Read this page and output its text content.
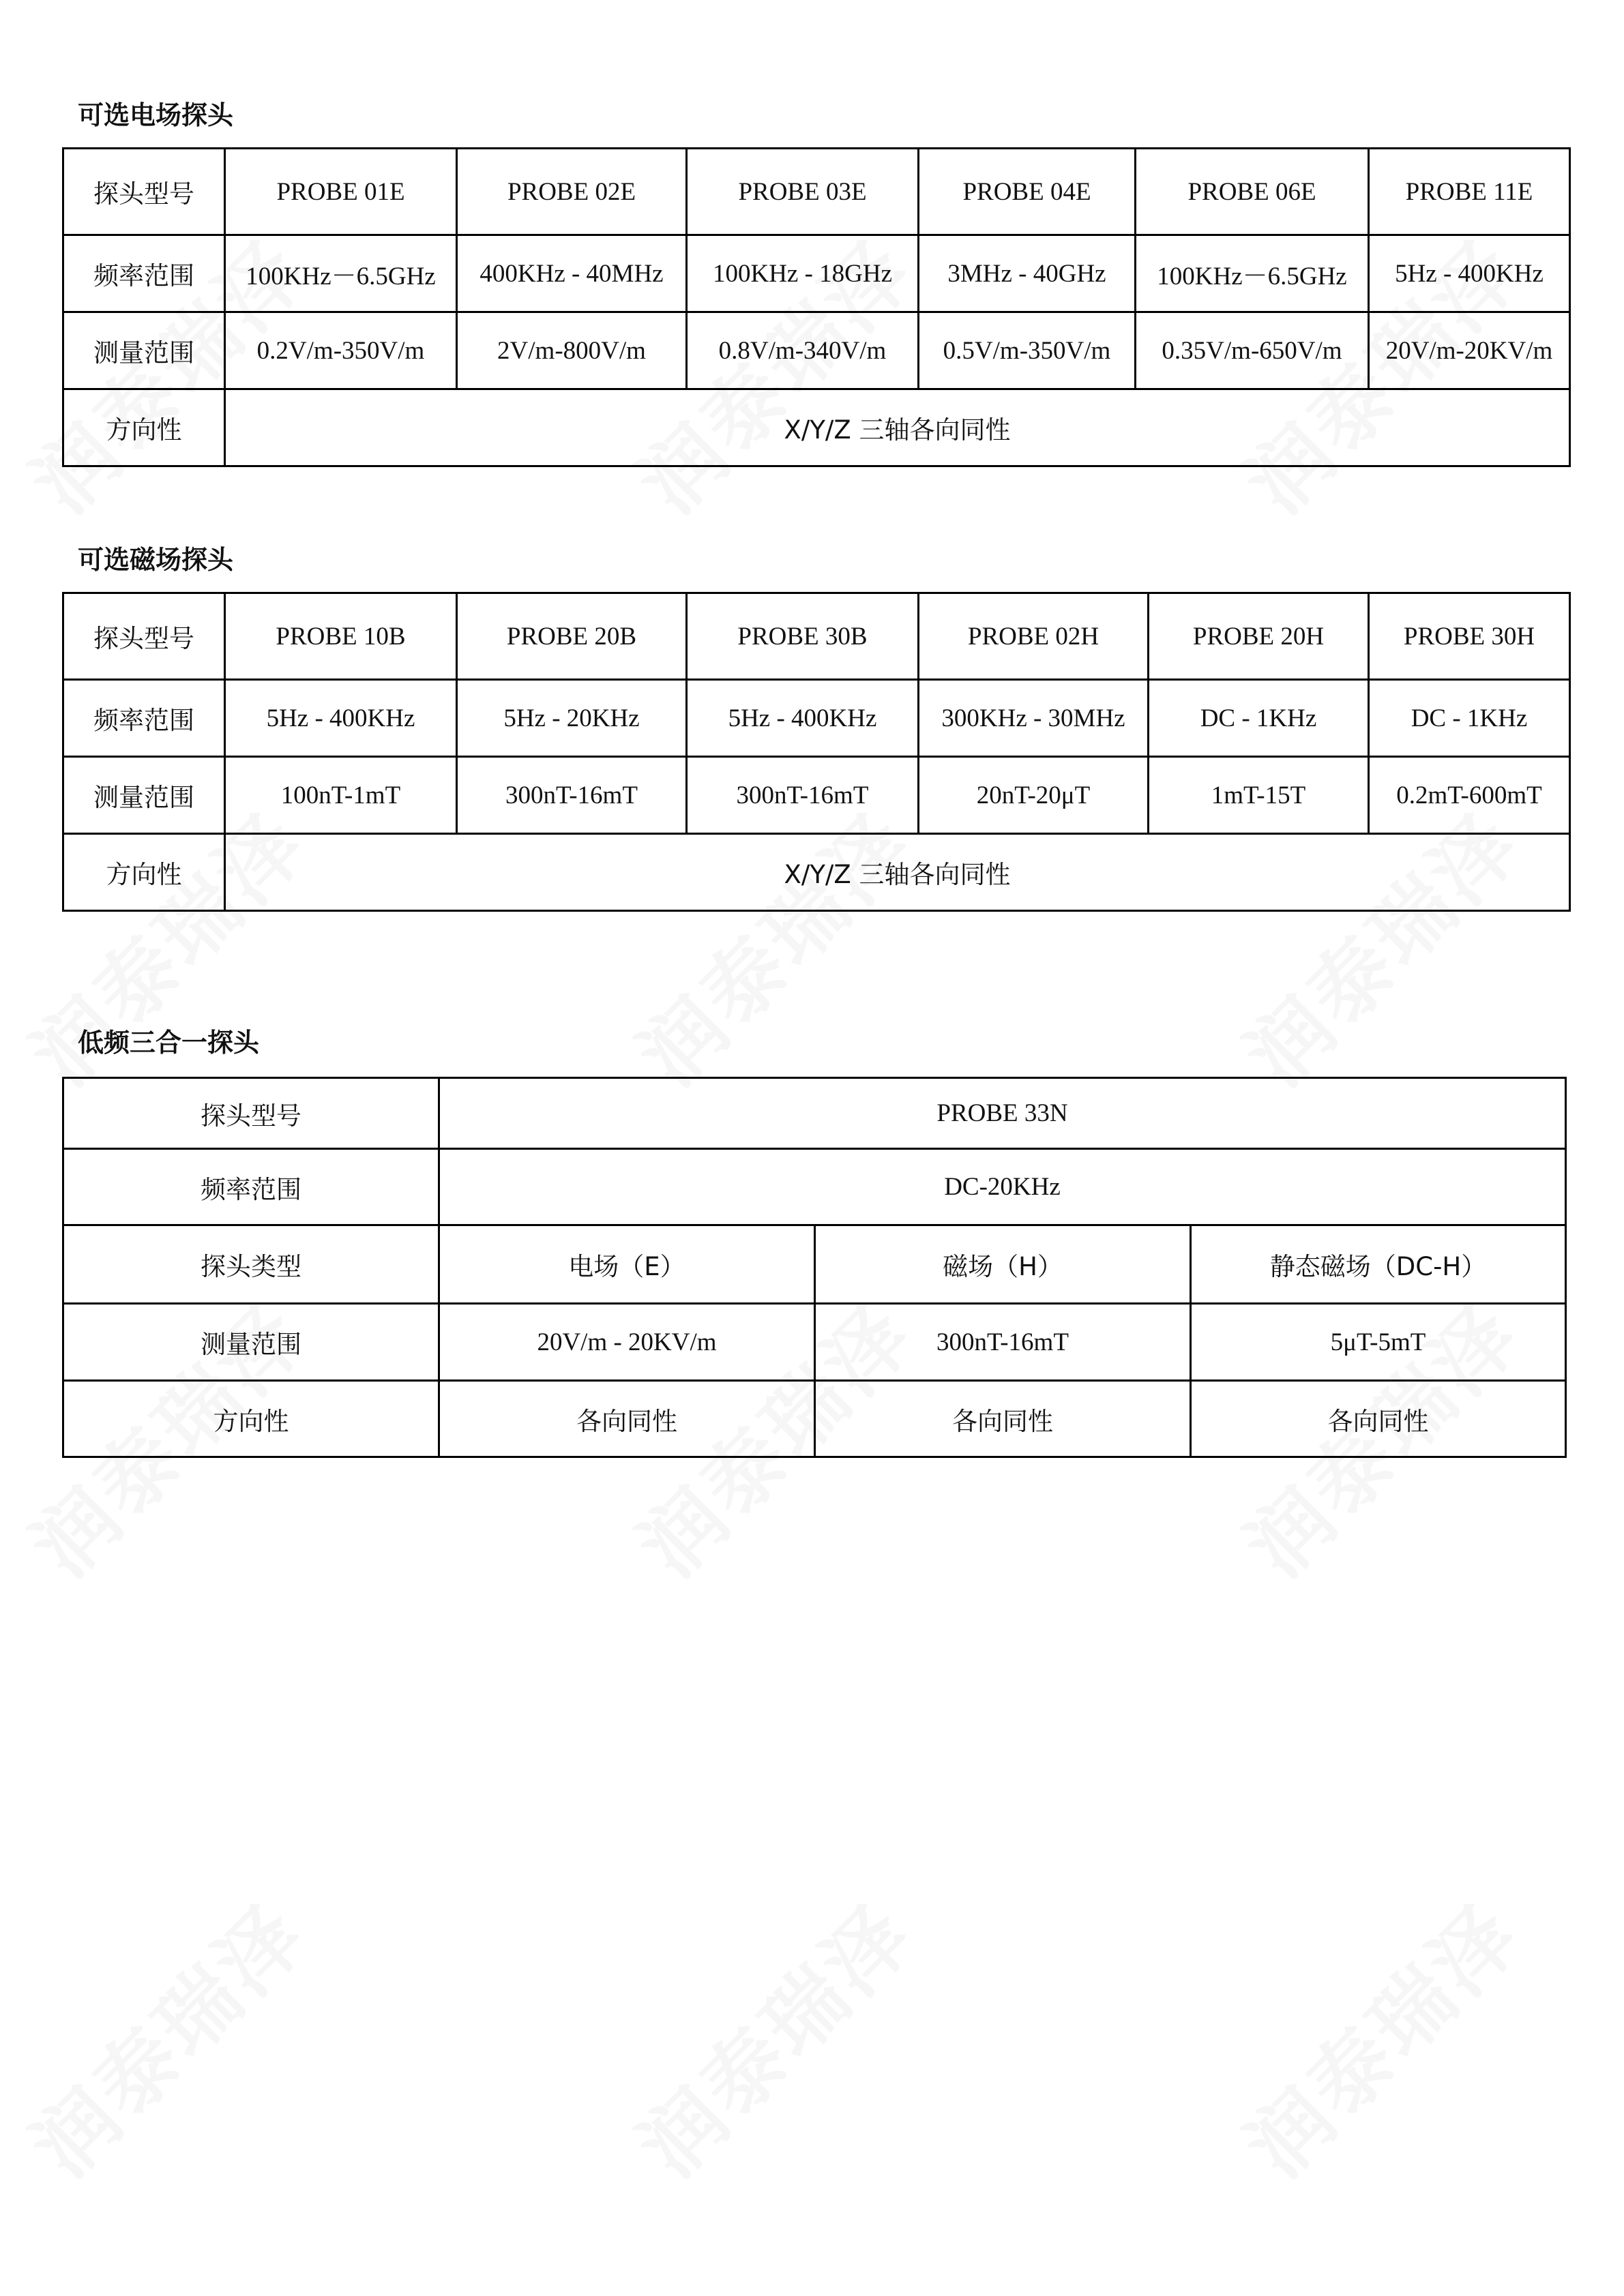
可选电场探头
探头型号	PROBE 01E	PROBE 02E	PROBE 03E	PROBE 04E	PROBE 06E	PROBE 11E
频率范围	100KHz－6.5GHz	400KHz - 40MHz	100KHz - 18GHz	3MHz - 40GHz	100KHz－6.5GHz	5Hz - 400KHz
测量范围	0.2V/m-350V/m	2V/m-800V/m	0.8V/m-340V/m	0.5V/m-350V/m	0.35V/m-650V/m	20V/m-20KV/m
方向性	X/Y/Z 三轴各向同性					
可选磁场探头
探头型号	PROBE 10B	PROBE 20B	PROBE 30B	PROBE 02H	PROBE 20H	PROBE 30H
频率范围	5Hz - 400KHz	5Hz - 20KHz	5Hz - 400KHz	300KHz - 30MHz	DC - 1KHz	DC - 1KHz
测量范围	100nT-1mT	300nT-16mT	300nT-16mT	20nT-20μT	1mT-15T	0.2mT-600mT
方向性	X/Y/Z 三轴各向同性					
低频三合一探头
探头型号	PROBE 33N		
频率范围	DC-20KHz		
探头类型	电场（E）	磁场（H）	静态磁场（DC-H）
测量范围	20V/m - 20KV/m	300nT-16mT	5μT-5mT
方向性	各向同性	各向同性	各向同性
